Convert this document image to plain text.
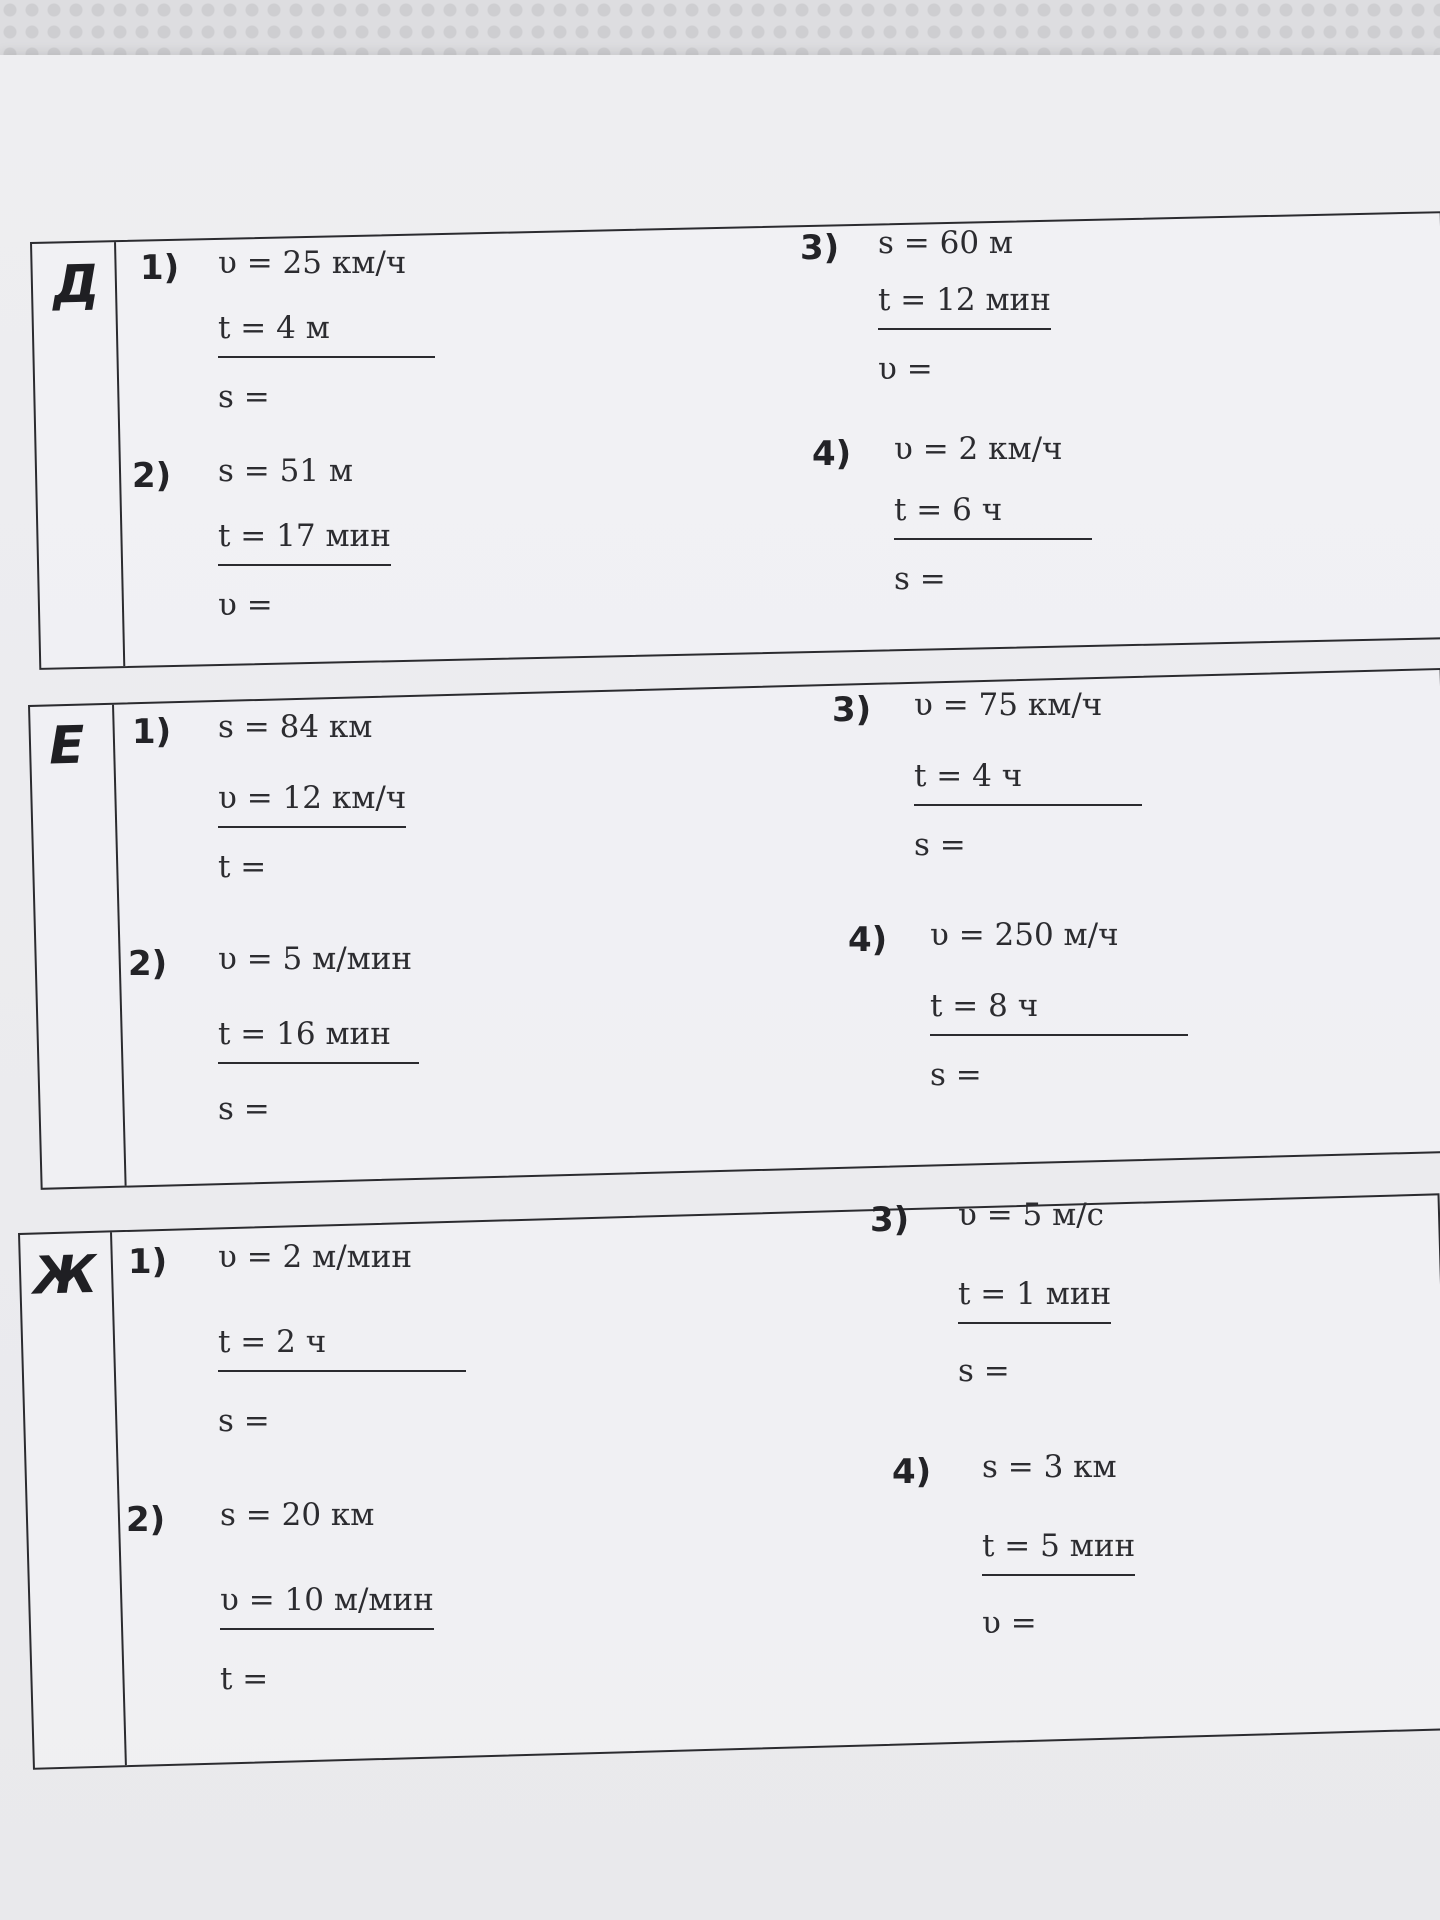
Д
Е
Ж
1) υ = 25 км/ч
t = 4 м
s =
2) s = 51 м
t = 17 мин
υ =
3) s = 60 м
t = 12 мин
υ =
4) υ = 2 км/ч
t = 6 ч
s =
1) s = 84 км
υ = 12 км/ч
t =
2) υ = 5 м/мин
t = 16 мин
s =
3) υ = 75 км/ч
t = 4 ч
s =
4) υ = 250 м/ч
t = 8 ч
s =
1) υ = 2 м/мин
t = 2 ч
s =
2) s = 20 км
υ = 10 м/мин
t =
3) υ = 5 м/с
t = 1 мин
s =
4) s = 3 км
t = 5 мин
υ =
